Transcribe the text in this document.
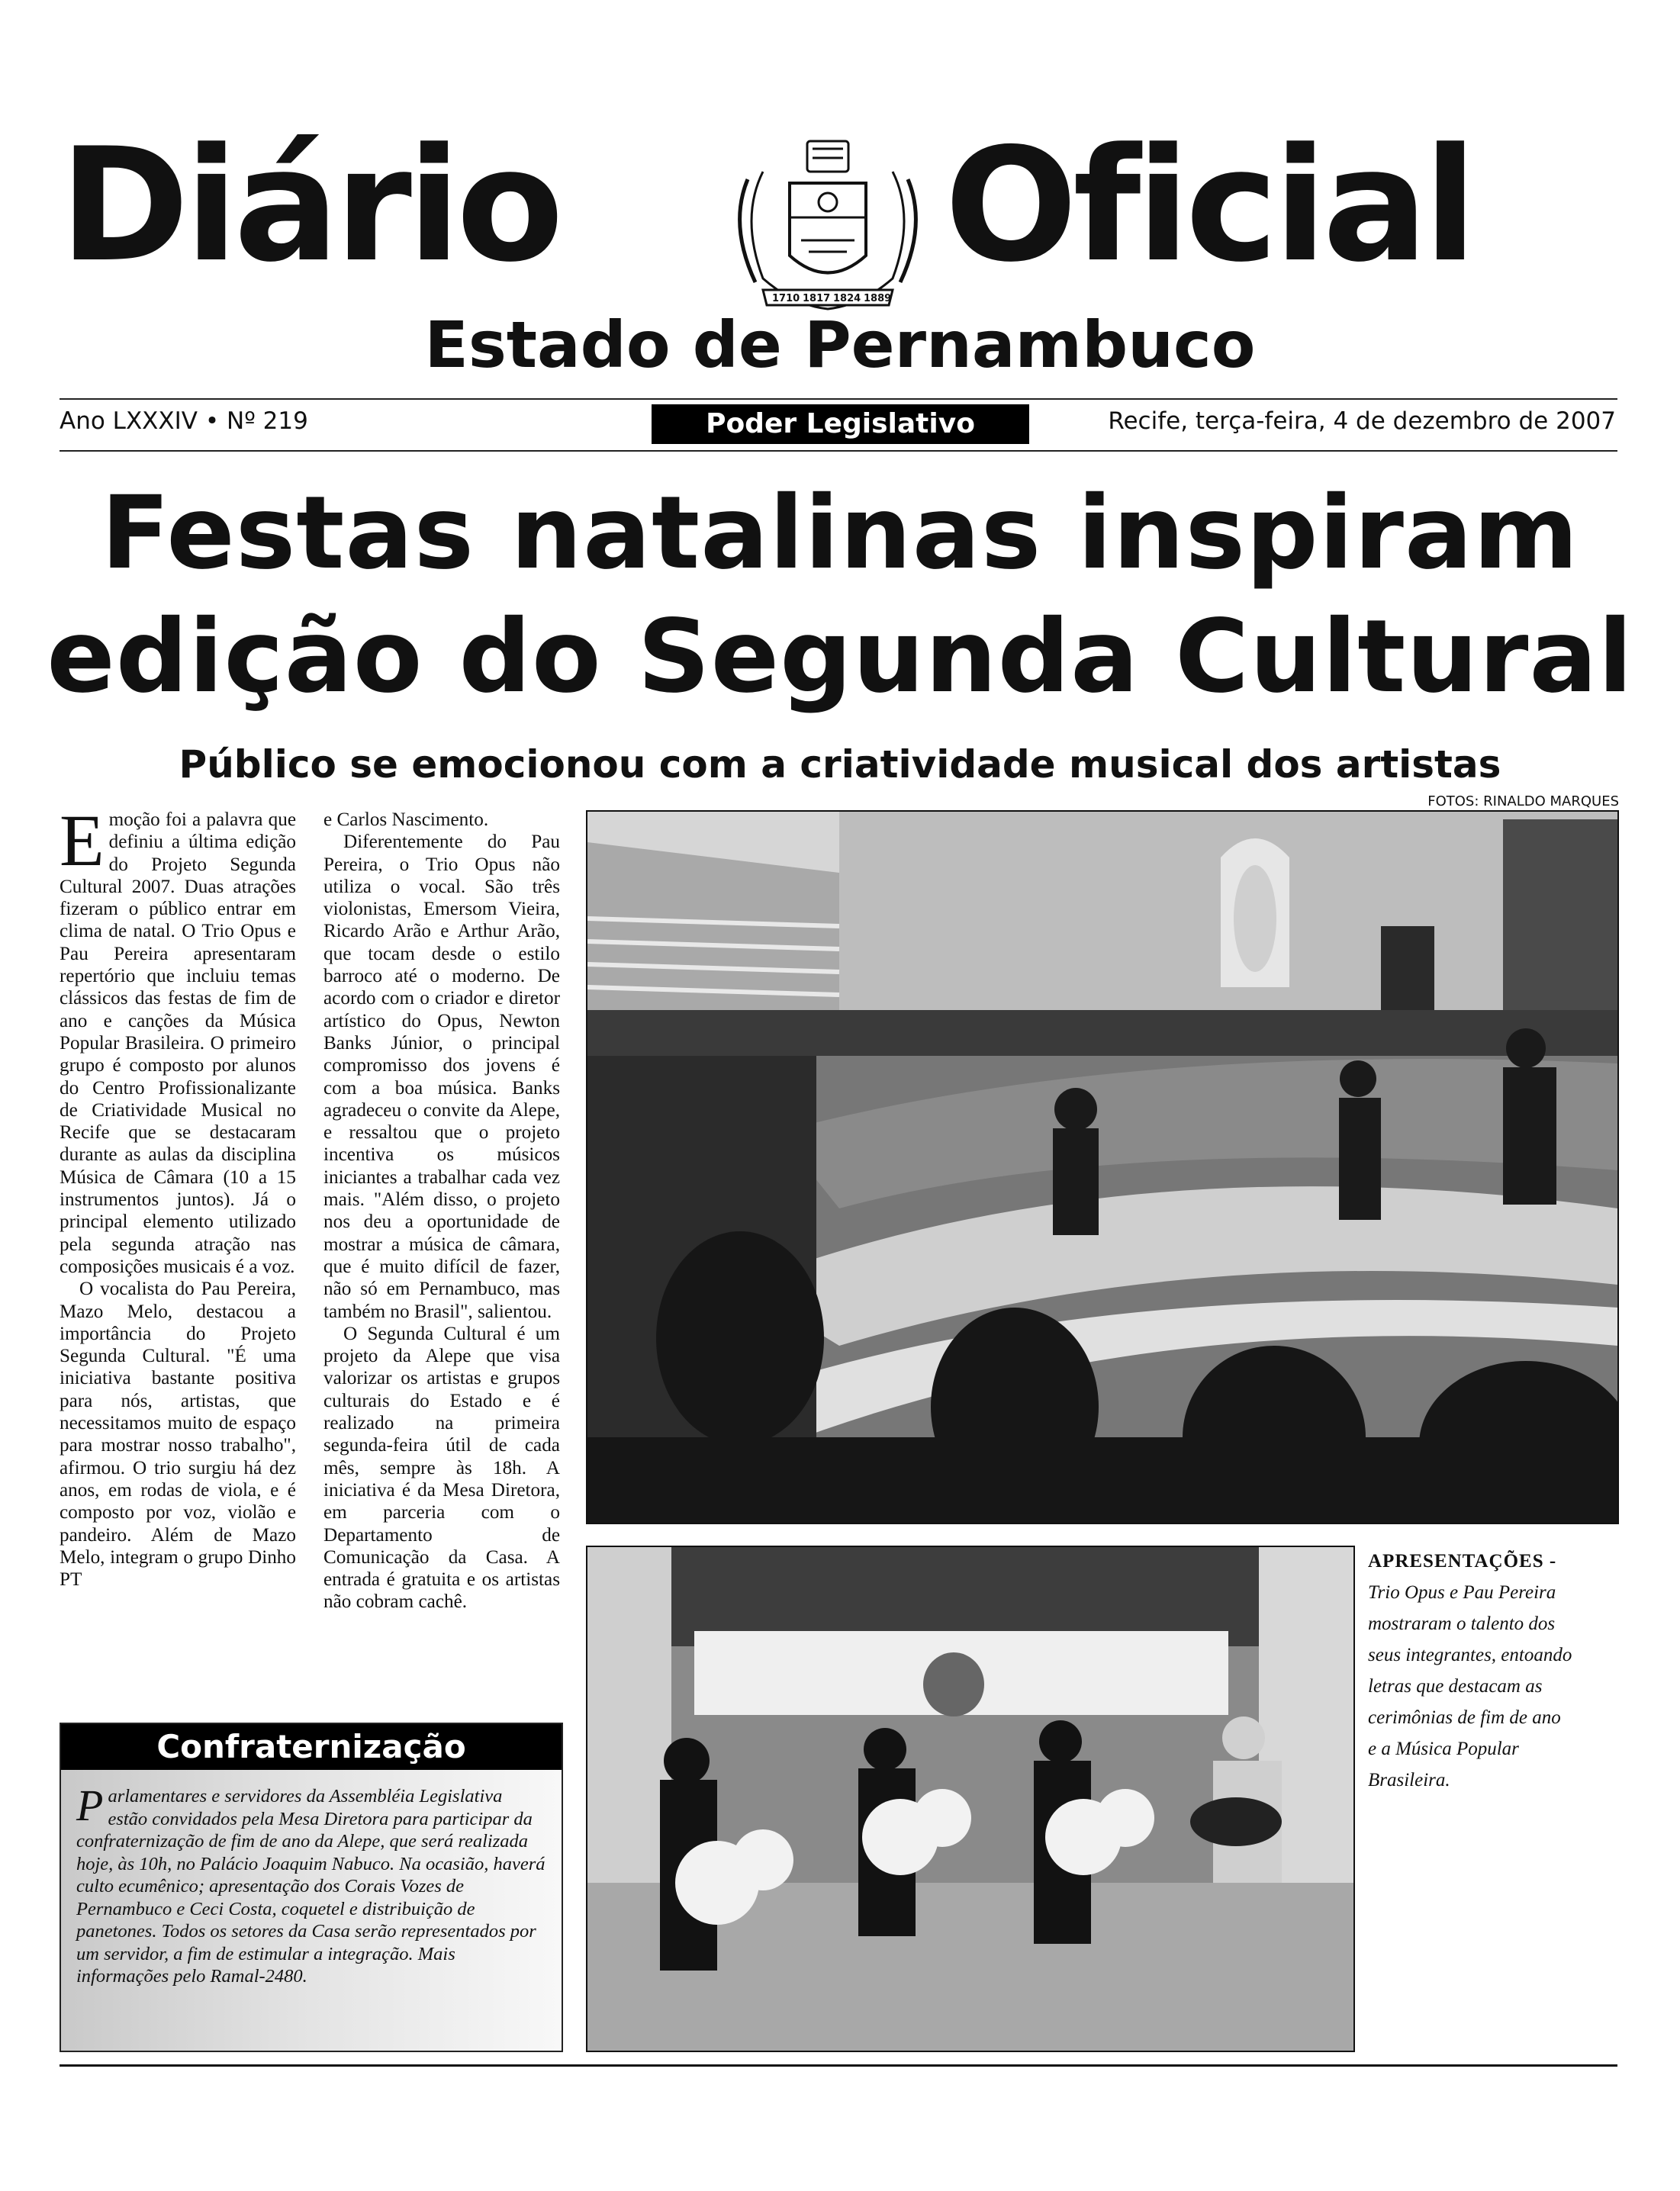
Diário
1710 1817 1824 1889
Oficial
Estado de Pernambuco
Ano LXXXIV • Nº 219	Poder Legislativo	Recife, terça-feira, 4 de dezembro de 2007
Festas natalinas inspiram edição do Segunda Cultural
Público se emocionou com a criatividade musical dos artistas
FOTOS: RINALDO MARQUES

Emoção foi a palavra que definiu a última edição do Projeto Segunda Cultural 2007. Duas atrações fizeram o público entrar em clima de natal. O Trio Opus e Pau Pereira apresentaram repertório que incluiu temas clássicos das festas de fim de ano e canções da Música Popular Brasileira. O primeiro grupo é composto por alunos do Centro Profissionalizante de Criatividade Musical no Recife que se destacaram durante as aulas da disciplina Música de Câmara (10 a 15 instrumentos juntos). Já o principal elemento utilizado pela segunda atração nas composições musicais é a voz.

O vocalista do Pau Pereira, Mazo Melo, destacou a importância do Projeto Segunda Cultural. "É uma iniciativa bastante positiva para nós, artistas, que necessitamos muito de espaço para mostrar nosso trabalho", afirmou. O trio surgiu há dez anos, em rodas de viola, e é composto por voz, violão e pandeiro. Além de Mazo Melo, integram o grupo Dinho PT

e Carlos Nascimento.

Diferentemente do Pau Pereira, o Trio Opus não utiliza o vocal. São três violonistas, Emersom Vieira, Ricardo Arão e Arthur Arão, que tocam desde o estilo barroco até o moderno. De acordo com o criador e diretor artístico do Opus, Newton Banks Júnior, o principal compromisso dos jovens é com a boa música. Banks agradeceu o convite da Alepe, e ressaltou que o projeto incentiva os músicos iniciantes a trabalhar cada vez mais. "Além disso, o projeto nos deu a oportunidade de mostrar a música de câmara, que é muito difícil de fazer, não só em Pernambuco, mas também no Brasil", salientou.

O Segunda Cultural é um projeto da Alepe que visa valorizar os artistas e grupos culturais do Estado e é realizado na primeira segunda-feira útil de cada mês, sempre às 18h. A iniciativa é da Mesa Diretora, em parceria com o Departamento de Comunicação da Casa. A entrada é gratuita e os artistas não cobram cachê.

APRESENTAÇÕES -
Trio Opus e Pau Pereira mostraram o talento dos seus integrantes, entoando letras que destacam as cerimônias de fim de ano e a Música Popular Brasileira.
Confraternização
Parlamentares e servidores da Assembléia Legislativa estão convidados pela Mesa Diretora para participar da confraternização de fim de ano da Alepe, que será realizada hoje, às 10h, no Palácio Joaquim Nabuco. Na ocasião, haverá culto ecumênico; apresentação dos Corais Vozes de Pernambuco e Ceci Costa, coquetel e distribuição de panetones. Todos os setores da Casa serão representados por um servidor, a fim de estimular a integração. Mais informações pelo Ramal-2480.
